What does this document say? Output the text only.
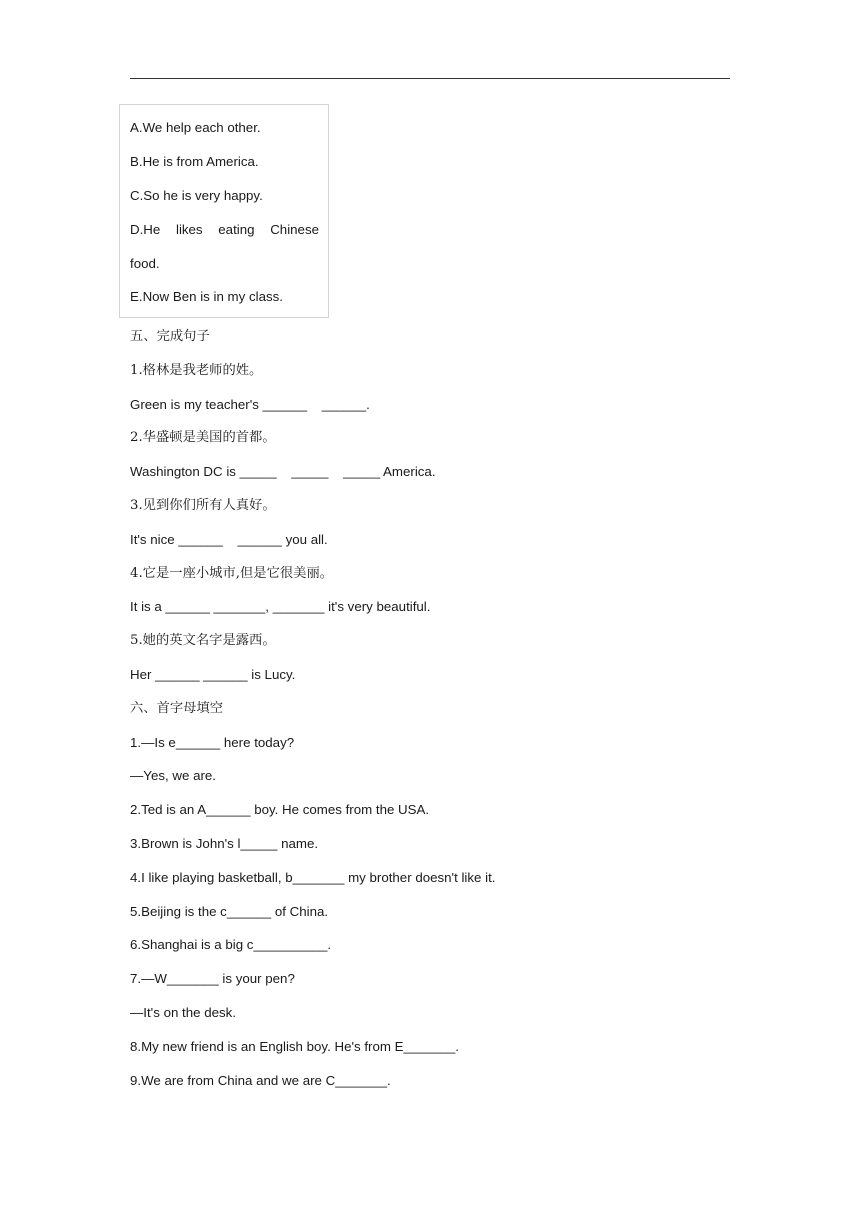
A.We help each other.
B.He is from America.
C.So he is very happy.
D.He likes eating Chinese
food.
E.Now Ben is in my class.
五、完成句子
1.格林是我老师的姓。
Green is my teacher's ______    ______.
2.华盛顿是美国的首都。
Washington DC is _____    _____    _____ America.
3.见到你们所有人真好。
It's nice ______    ______ you all.
4.它是一座小城市,但是它很美丽。
It is a ______ _______, _______ it's very beautiful.
5.她的英文名字是露西。
Her ______ ______ is Lucy.
六、首字母填空
1.—Is e______ here today?
—Yes, we are.
2.Ted is an A______ boy. He comes from the USA.
3.Brown is John's l_____ name.
4.I like playing basketball, b_______ my brother doesn't like it.
5.Beijing is the c______ of China.
6.Shanghai is a big c__________.
7.—W_______ is your pen?
—It's on the desk.
8.My new friend is an English boy. He's from E_______.
9.We are from China and we are C_______.
